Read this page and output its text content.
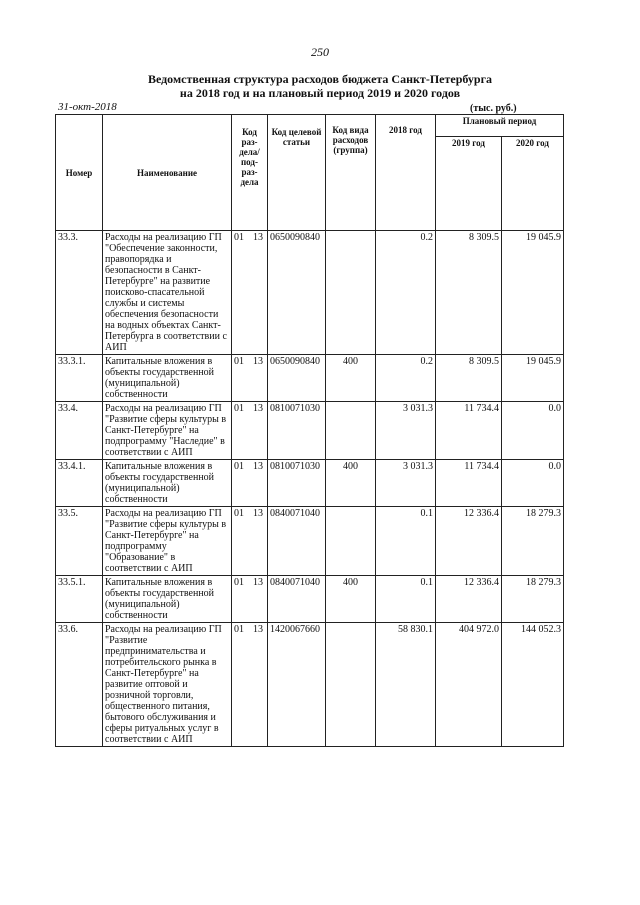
250
Ведомственная структура расходов бюджета Санкт-Петербурга
на 2018 год и на плановый период 2019 и 2020 годов
31-окт-2018	(тыс. руб.)
Номер	Наименование	Код раз-дела/ под-раз-дела	Код целевой статьи	Код вида расходов (группа)	2018 год	Плановый период	
						2019 год	2020 год
33.3.	Расходы на реализацию ГП "Обеспечение законности, правопорядка и безопасности в Санкт-Петербурге" на развитие поисково-спасательной службы и системы обеспечения безопасности на водных объектах Санкт-Петербурга в соответствии с АИП	01 13	0650090840		0.2	8 309.5	19 045.9
33.3.1.	Капитальные вложения в объекты государственной (муниципальной) собственности	01 13	0650090840	400	0.2	8 309.5	19 045.9
33.4.	Расходы на реализацию ГП "Развитие сферы культуры в Санкт-Петербурге" на подпрограмму "Наследие" в соответствии с АИП	01 13	0810071030		3 031.3	11 734.4	0.0
33.4.1.	Капитальные вложения в объекты государственной (муниципальной) собственности	01 13	0810071030	400	3 031.3	11 734.4	0.0
33.5.	Расходы на реализацию ГП "Развитие сферы культуры в Санкт-Петербурге" на подпрограмму "Образование" в соответствии с АИП	01 13	0840071040		0.1	12 336.4	18 279.3
33.5.1.	Капитальные вложения в объекты государственной (муниципальной) собственности	01 13	0840071040	400	0.1	12 336.4	18 279.3
33.6.	Расходы на реализацию ГП "Развитие предпринимательства и потребительского рынка в Санкт-Петербурге" на развитие оптовой и розничной торговли, общественного питания, бытового обслуживания и сферы ритуальных услуг в соответствии с АИП	01 13	1420067660		58 830.1	404 972.0	144 052.3
